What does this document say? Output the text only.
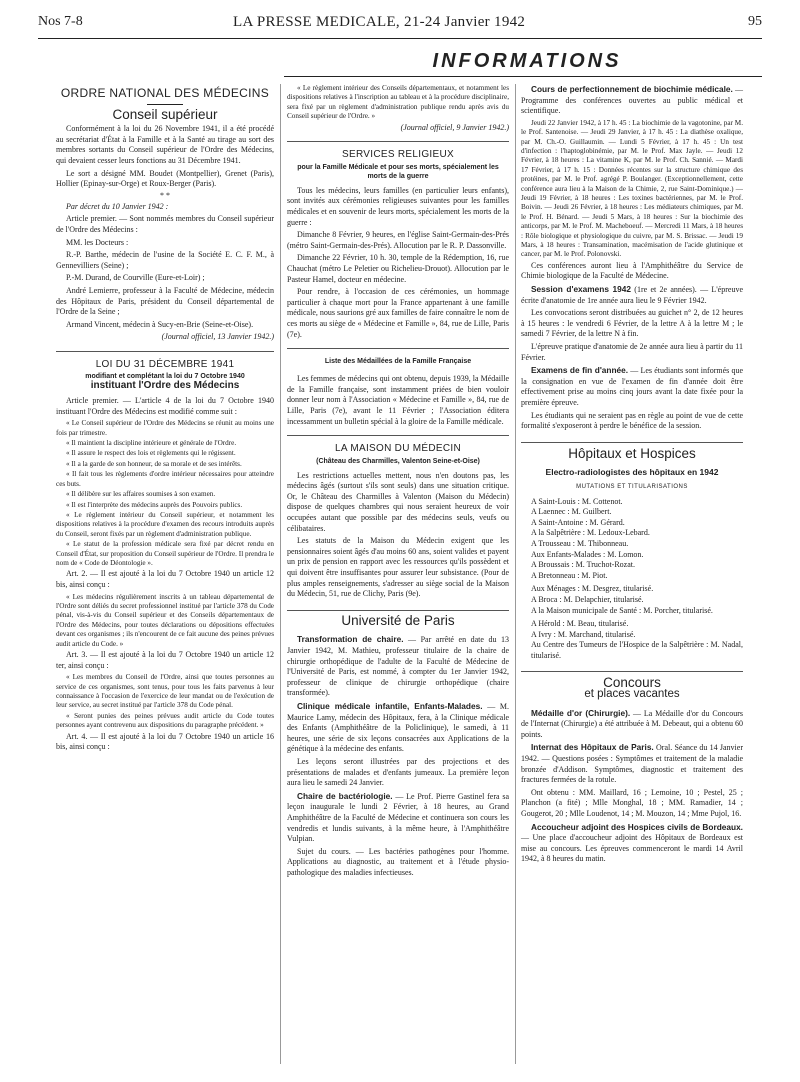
Nos 7-8	LA PRESSE MEDICALE, 21-24 Janvier 1942	95
INFORMATIONS
ORDRE NATIONAL DES MÉDECINS
Conseil supérieur

Conformément à la loi du 26 Novembre 1941, il a été procédé au secrétariat d'État à la Famille et à la Santé au tirage au sort des membres sortants du Conseil supérieur de l'Ordre des Médecins, qui devaient cesser leurs fonctions au 31 Décembre 1941.

Le sort a désigné MM. Boudet (Montpellier), Grenet (Paris), Hollier (Epinay-sur-Orge) et Roux-Berger (Paris).

* *

Par décret du 10 Janvier 1942 :

Article premier. — Sont nommés membres du Conseil supérieur de l'Ordre des Médecins :

MM. les Docteurs :

R.-P. Barthe, médecin de l'usine de la Société E. C. F. M., à Gennevilliers (Seine) ;

P.-M. Durand, de Courville (Eure-et-Loir) ;

André Lemierre, professeur à la Faculté de Médecine, médecin des Hôpitaux de Paris, président du Conseil départemental de l'Ordre de la Seine ;

Armand Vincent, médecin à Sucy-en-Brie (Seine-et-Oise).

(Journal officiel, 13 Janvier 1942.)
LOI DU 31 DÉCEMBRE 1941
modifiant et complétant la loi du 7 Octobre 1940
instituant l'Ordre des Médecins

Article premier. — L'article 4 de la loi du 7 Octobre 1940 instituant l'Ordre des Médecins est modifié comme suit :

« Le Conseil supérieur de l'Ordre des Médecins se réunit au moins une fois par trimestre.

« Il maintient la discipline intérieure et générale de l'Ordre.

« Il assure le respect des lois et règlements qui le régissent.

« Il a la garde de son honneur, de sa morale et de ses intérêts.

« Il fait tous les règlements d'ordre intérieur nécessaires pour atteindre ces buts.

« Il délibère sur les affaires soumises à son examen.

« Il est l'interprète des médecins auprès des Pouvoirs publics.

« Le règlement intérieur du Conseil supérieur, et notamment les dispositions relatives à la procédure d'examen des recours introduits auprès du Conseil, seront fixés par un règlement d'administration publique.

« Le statut de la profession médicale sera fixé par décret rendu en Conseil d'État, sur proposition du Conseil supérieur de l'Ordre. Il prendra le nom de « Code de Déontologie ».

Art. 2. — Il est ajouté à la loi du 7 Octobre 1940 un article 12 bis, ainsi conçu :

« Les médecins régulièrement inscrits à un tableau départemental de l'Ordre sont déliés du secret professionnel institué par l'article 378 du Code pénal, vis-à-vis du Conseil supérieur et des Conseils départementaux de l'Ordre des Médecins, pour toutes déclarations ou dépositions effectuées devant ces organismes ; ils n'encourent de ce fait aucune des peines prévues audit article du Code. »

Art. 3. — Il est ajouté à la loi du 7 Octobre 1940 un article 12 ter, ainsi conçu :

« Les membres du Conseil de l'Ordre, ainsi que toutes personnes au service de ces organismes, sont tenus, pour tous les faits parvenus à leur connaissance à l'occasion de l'exercice de leur mandat ou de l'exécution de leur service, au secret institué par l'article 378 du Code pénal.

« Seront punies des peines prévues audit article du Code toutes personnes ayant contrevenu aux dispositions du paragraphe précédent. »

Art. 4. — Il est ajouté à la loi du 7 Octobre 1940 un article 16 bis, ainsi conçu :

« Le règlement intérieur des Conseils départementaux, et notamment les dispositions relatives à l'inscription au tableau et à la procédure disciplinaire, sera fixé par un règlement d'administration publique rendu après avis du Conseil supérieur de l'Ordre. »

(Journal officiel, 9 Janvier 1942.)
SERVICES RELIGIEUX
pour la Famille Médicale et pour ses morts, spécialement les morts de la guerre

Tous les médecins, leurs familles (en particulier leurs enfants), sont invités aux cérémonies religieuses suivantes pour les familles médicales et en souvenir de leurs morts, spécialement les morts de la guerre :

Dimanche 8 Février, 9 heures, en l'église Saint-Germain-des-Prés (métro Saint-Germain-des-Prés). Allocution par le R. P. Dassonville.

Dimanche 22 Février, 10 h. 30, temple de la Rédemption, 16, rue Chauchat (métro Le Peletier ou Richelieu-Drouot). Allocution par le Pasteur Hamel, docteur en médecine.

Pour rendre, à l'occasion de ces cérémonies, un hommage particulier à chaque mort pour la France appartenant à une famille médicale, nous saurions gré aux familles de faire connaître le nom de ces morts au siège de « Médecine et Famille », 84, rue de Lille, Paris (7e).

Liste des Médaillées de la Famille Française

Les femmes de médecins qui ont obtenu, depuis 1939, la Médaille de la Famille française, sont instamment priées de bien vouloir donner leur nom à l'Association « Médecine et Famille », 84, rue de Lille, Paris (7e), avant le 11 Février ; l'Association éditera incessamment un bulletin spécial à la gloire de la Famille médicale.

LA MAISON DU MÉDECIN
(Château des Charmilles, Valenton Seine-et-Oise)

Les restrictions actuelles mettent, nous n'en doutons pas, les médecins âgés (surtout s'ils sont seuls) dans une situation critique. Or, le Château des Charmilles à Valenton (Maison du Médecin) dispose de quelques chambres qui nous seraient heureux de voir occupées autant que possible par des médecins seuls, veufs ou célibataires.

Les statuts de la Maison du Médecin exigent que les pensionnaires soient âgés d'au moins 60 ans, soient valides et payent un prix de pension en rapport avec les ressources qu'ils possèdent et qui doivent être insuffisantes pour assurer leur subsistance. (Pour de plus amples renseignements, s'adresser au siège social de la Maison du Médecin, 51, rue de Clichy, Paris (9e).

Université de Paris

Transformation de chaire. — Par arrêté en date du 13 Janvier 1942, M. Mathieu, professeur titulaire de la chaire de chirurgie orthopédique de l'adulte de la Faculté de Médecine de l'Université de Paris, est nommé, à compter du 1er Janvier 1942, professeur de clinique de chirurgie orthopédique (chaire transformée).

Clinique médicale infantile, Enfants-Malades. — M. Maurice Lamy, médecin des Hôpitaux, fera, à la Clinique médicale des Enfants (Amphithéâtre de la Policlinique), le samedi, à 11 heures, une série de six leçons consacrées aux Applications de la génétique à la médecine des enfants.

Les leçons seront illustrées par des projections et des présentations de malades et d'enfants jumeaux. La première leçon aura lieu le samedi 24 Janvier.

Chaire de bactériologie. — Le Prof. Pierre Gastinel fera sa leçon inaugurale le lundi 2 Février, à 18 heures, au Grand Amphithéâtre de la Faculté de Médecine et continuera son cours les vendredis et lundis suivants, à la même heure, à l'Amphithéâtre Vulpian.

Sujet du cours. — Les bactéries pathogènes pour l'homme. Applications au diagnostic, au traitement et à l'étude physio-pathologique des maladies infectieuses.

Cours de perfectionnement de biochimie médicale. — Programme des conférences ouvertes au public médical et scientifique.

Jeudi 22 Janvier 1942, à 17 h. 45 : La biochimie de la vagotonine, par M. le Prof. Santenoise. — Jeudi 29 Janvier, à 17 h. 45 : La diathèse oxalique, par M. Ch.-O. Guillaumin. — Lundi 5 Février, à 17 h. 45 : Un test d'infection : l'haptoglobinémie, par M. le Prof. Max Jayle. — Jeudi 12 Février, à 18 heures : La vitamine K, par M. le Prof. Ch. Sannié. — Mardi 17 Février, à 17 h. 15 : Données récentes sur la structure chimique des protéines, par M. le Prof. agrégé P. Boulanger. (Exceptionnellement, cette conférence aura lieu à la Maison de la Chimie, 2, rue Saint-Dominique.) — Jeudi 19 Février, à 18 heures : Les toxines bactériennes, par M. le Prof. Boivin. — Jeudi 26 Février, à 18 heures : Les médiateurs chimiques, par M. le Prof. H. Bénard. — Jeudi 5 Mars, à 18 heures : Sur la biochimie des anticorps, par M. le Prof. M. Macheboeuf. — Mercredi 11 Mars, à 18 heures : Rôle biologique et physiologique du cuivre, par M. S. Brissac. — Jeudi 19 Mars, à 18 heures : Transamination, macémisation de l'acide glutinique et cancer, par M. le Prof. Polonovski.

Ces conférences auront lieu à l'Amphithéâtre du Service de Chimie biologique de la Faculté de Médecine.

Session d'examens 1942 (1re et 2e années). — L'épreuve écrite d'anatomie de 1re année aura lieu le 9 Février 1942.

Les convocations seront distribuées au guichet n° 2, de 12 heures à 15 heures : le vendredi 6 Février, de la lettre A à la lettre M ; le samedi 7 Février, de la lettre N à fin.

L'épreuve pratique d'anatomie de 2e année aura lieu à partir du 11 Février.

Examens de fin d'année. — Les étudiants sont informés que la consignation en vue de l'examen de fin d'année doit être effectivement prise au moins cinq jours avant la date fixée pour la première épreuve.

Les étudiants qui ne seraient pas en règle au point de vue de cette formalité s'exposeront à perdre le bénéfice de la session.

Hôpitaux et Hospices
Electro-radiologistes des hôpitaux en 1942
MUTATIONS ET TITULARISATIONS

A Saint-Louis : M. Cottenot.

A Laennec : M. Guilbert.

A Saint-Antoine : M. Gérard.

A la Salpêtrière : M. Ledoux-Lebard.

A Trousseau : M. Thibonneau.

Aux Enfants-Malades : M. Lomon.

A Broussais : M. Truchot-Rozat.

A Bretonneau : M. Piot.

Aux Ménages : M. Desgrez, titularisé.

A Broca : M. Delapchier, titularisé.

A la Maison municipale de Santé : M. Porcher, titularisé.

A Hérold : M. Beau, titularisé.

A Ivry : M. Marchand, titularisé.

Au Centre des Tumeurs de l'Hospice de la Salpêtrière : M. Nadal, titularisé.

Concours
et places vacantes

Médaille d'or (Chirurgie). — La Médaille d'or du Concours de l'Internat (Chirurgie) a été attribuée à M. Debeaut, qui a obtenu 60 points.

Internat des Hôpitaux de Paris. Oral. Séance du 14 Janvier 1942. — Questions posées : Symptômes et traitement de la maladie bronzée d'Addison. Symptômes, diagnostic et traitement des fractures fermées de la rotule.

Ont obtenu : MM. Maillard, 16 ; Lemoine, 10 ; Pestel, 25 ; Planchon (a fité) ; Mlle Monghal, 18 ; MM. Ramadier, 14 ; Gougerot, 20 ; Mlle Loudenot, 14 ; M. Mouzon, 14 ; Mme Pujol, 16.

Accoucheur adjoint des Hospices civils de Bordeaux. — Une place d'accoucheur adjoint des Hôpitaux de Bordeaux est mise au concours. Les épreuves commenceront le mardi 14 Avril 1942, à 8 heures du matin.
